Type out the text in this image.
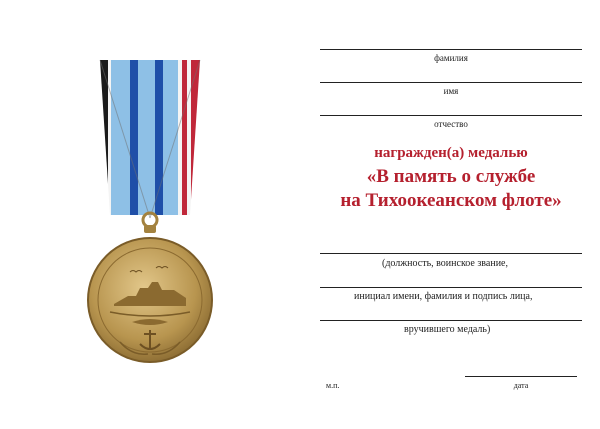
фамилия
имя
отчество
награжден(а) медалью
«В память о службе
на Тихоокеанском флоте»
(должность, воинское звание,
инициал имени, фамилия и подпись лица,
вручившего медаль)
м.п.	дата
